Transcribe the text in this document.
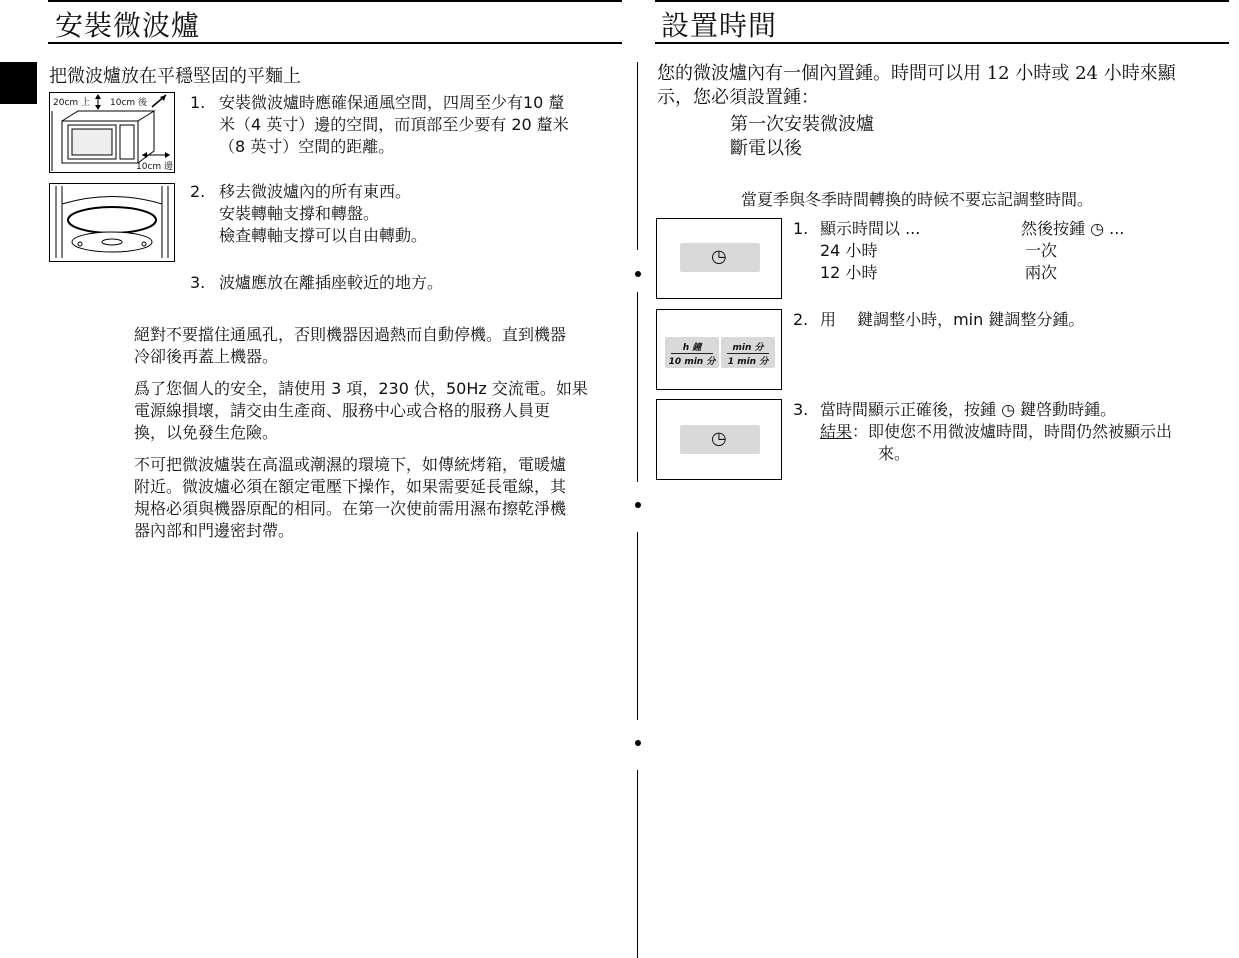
安裝微波爐
把微波爐放在平穩堅固的平麵上
20cm 上 10cm 後
10cm 邊
1. 安裝微波爐時應確保通風空間，四周至少有10 釐
米（4 英寸）邊的空間，而頂部至少要有 20 釐米
（8 英寸）空間的距離。
2. 移去微波爐內的所有東西。
安裝轉軸支撐和轉盤。
檢查轉軸支撐可以自由轉動。
3. 波爐應放在離插座較近的地方。
絕對不要擋住通風孔，否則機器因過熱而自動停機。直到機器
冷卻後再蓋上機器。
爲了您個人的安全，請使用 3 項，230 伏，50Hz 交流電。如果
電源線損壞，請交由生產商、服務中心或合格的服務人員更
換，以免發生危險。
不可把微波爐裝在高溫或潮濕的環境下，如傳統烤箱，電暖爐
附近。微波爐必須在額定電壓下操作，如果需要延長電線，其
規格必須與機器原配的相同。在第一次使前需用濕布擦乾淨機
器內部和門邊密封帶。
設置時間
您的微波爐內有一個內置鍾。時間可以用 12 小時或 24 小時來顯
示，您必須設置鍾：
第一次安裝微波爐
斷電以後
當夏季與冬季時間轉換的時候不要忘記調整時間。
◷
1. 顯示時間以 ...
24 小時
12 小時
然後按鍾 ◷ ...
一次
兩次
h 鐘
10 min 分
min 分
1 min 分
2. 用 　鍵調整小時，min 鍵調整分鍾。
◷
3. 當時間顯示正確後，按鍾 ◷ 鍵啓動時鍾。
結果：即使您不用微波爐時間，時間仍然被顯示出
來。
